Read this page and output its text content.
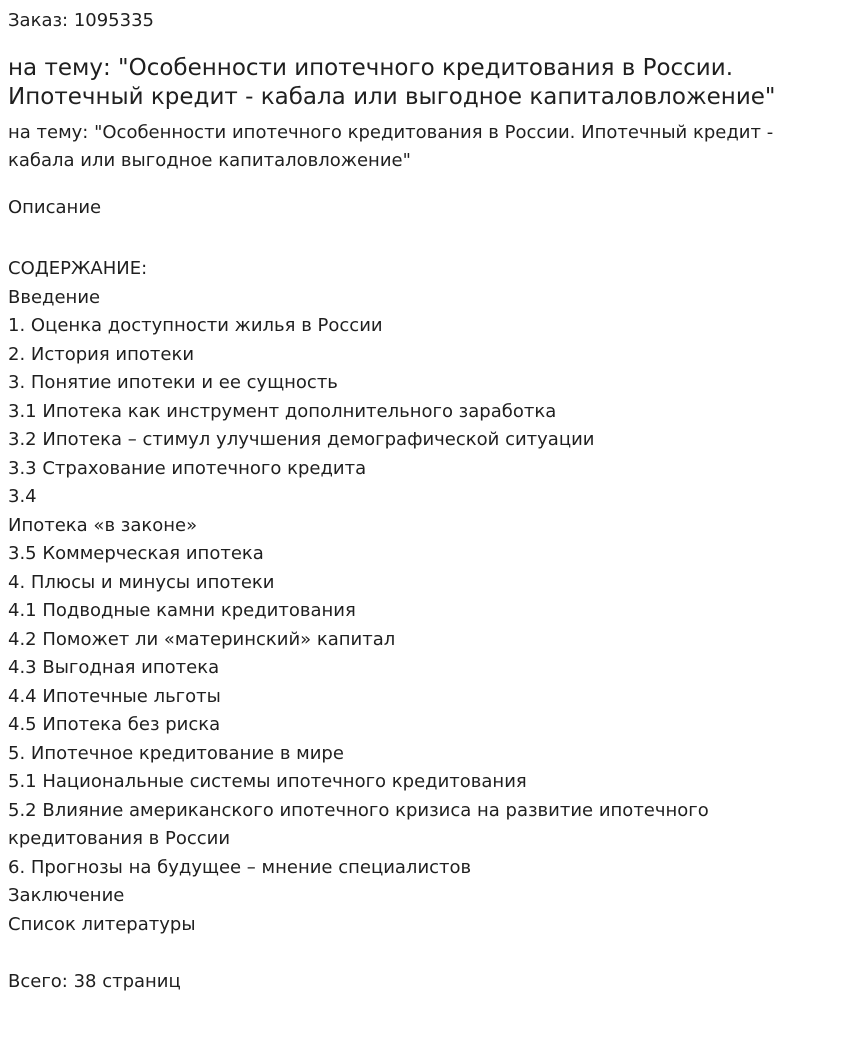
Заказ: 1095335
на тему: "Особенности ипотечного кредитования в России. Ипотечный кредит - кабала или выгодное капиталовложение"
на тему: "Особенности ипотечного кредитования в России. Ипотечный кредит - кабала или выгодное капиталовложение"
Описание
СОДЕРЖАНИЕ:
Введение
1. Оценка доступности жилья в России
2. История ипотеки
3. Понятие ипотеки и ее сущность
3.1 Ипотека как инструмент дополнительного заработка
3.2 Ипотека – стимул улучшения демографической ситуации
3.3 Страхование ипотечного кредита
3.4
Ипотека «в законе»
3.5 Коммерческая ипотека
4. Плюсы и минусы ипотеки
4.1 Подводные камни кредитования
4.2 Поможет ли «материнский» капитал
4.3 Выгодная ипотека
4.4 Ипотечные льготы
4.5 Ипотека без риска
5. Ипотечное кредитование в мире
5.1 Национальные системы ипотечного кредитования
5.2 Влияние американского ипотечного кризиса на развитие ипотечного кредитования в России
6. Прогнозы на будущее – мнение специалистов
Заключение
Список литературы
Всего: 38 страниц
